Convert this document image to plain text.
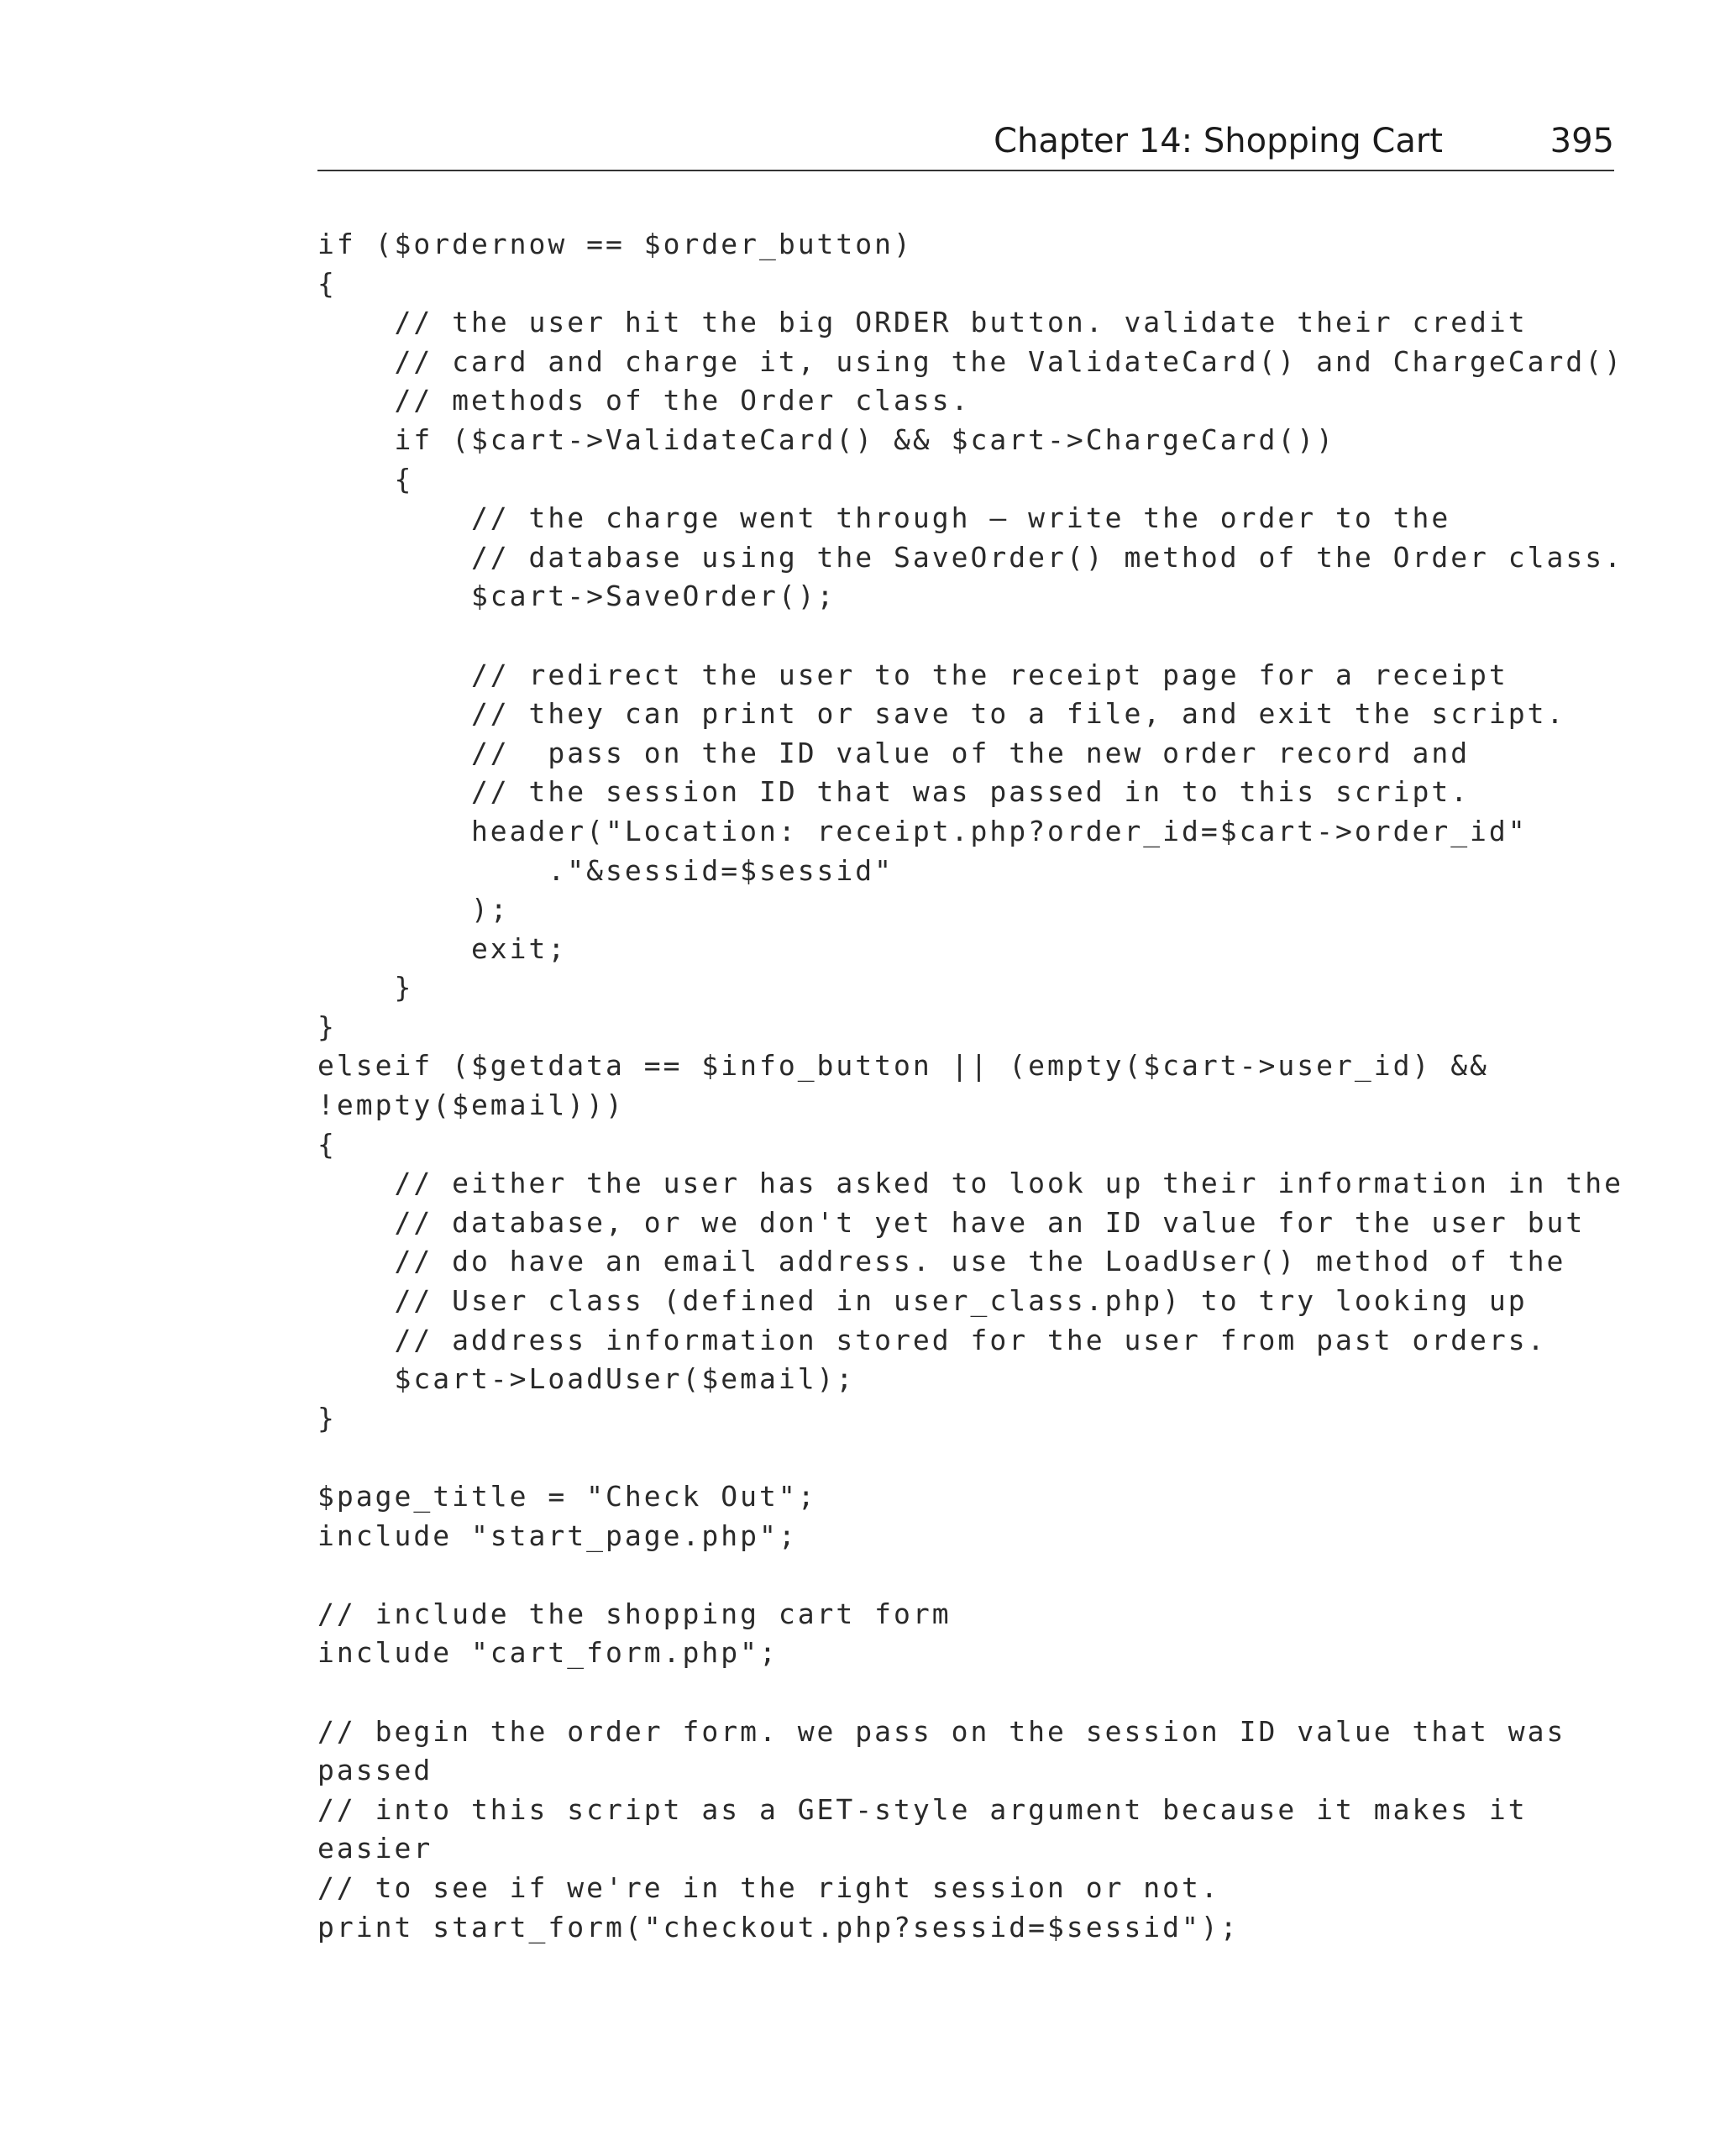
Chapter 14: Shopping Cart	395
if ($ordernow == $order_button)
{
// the user hit the big ORDER button. validate their credit
// card and charge it, using the ValidateCard() and ChargeCard()
// methods of the Order class.
if ($cart->ValidateCard() && $cart->ChargeCard())
{
// the charge went through – write the order to the
// database using the SaveOrder() method of the Order class.
$cart->SaveOrder();
// redirect the user to the receipt page for a receipt
// they can print or save to a file, and exit the script.
//  pass on the ID value of the new order record and
// the session ID that was passed in to this script.
header("Location: receipt.php?order_id=$cart->order_id"
."&sessid=$sessid"
);
exit;
}
}
elseif ($getdata == $info_button || (empty($cart->user_id) &&
!empty($email)))
{
// either the user has asked to look up their information in the
// database, or we don't yet have an ID value for the user but
// do have an email address. use the LoadUser() method of the
// User class (defined in user_class.php) to try looking up
// address information stored for the user from past orders.
$cart->LoadUser($email);
}
$page_title = "Check Out";
include "start_page.php";
// include the shopping cart form
include "cart_form.php";
// begin the order form. we pass on the session ID value that was
passed
// into this script as a GET-style argument because it makes it
easier
// to see if we're in the right session or not.
print start_form("checkout.php?sessid=$sessid");
